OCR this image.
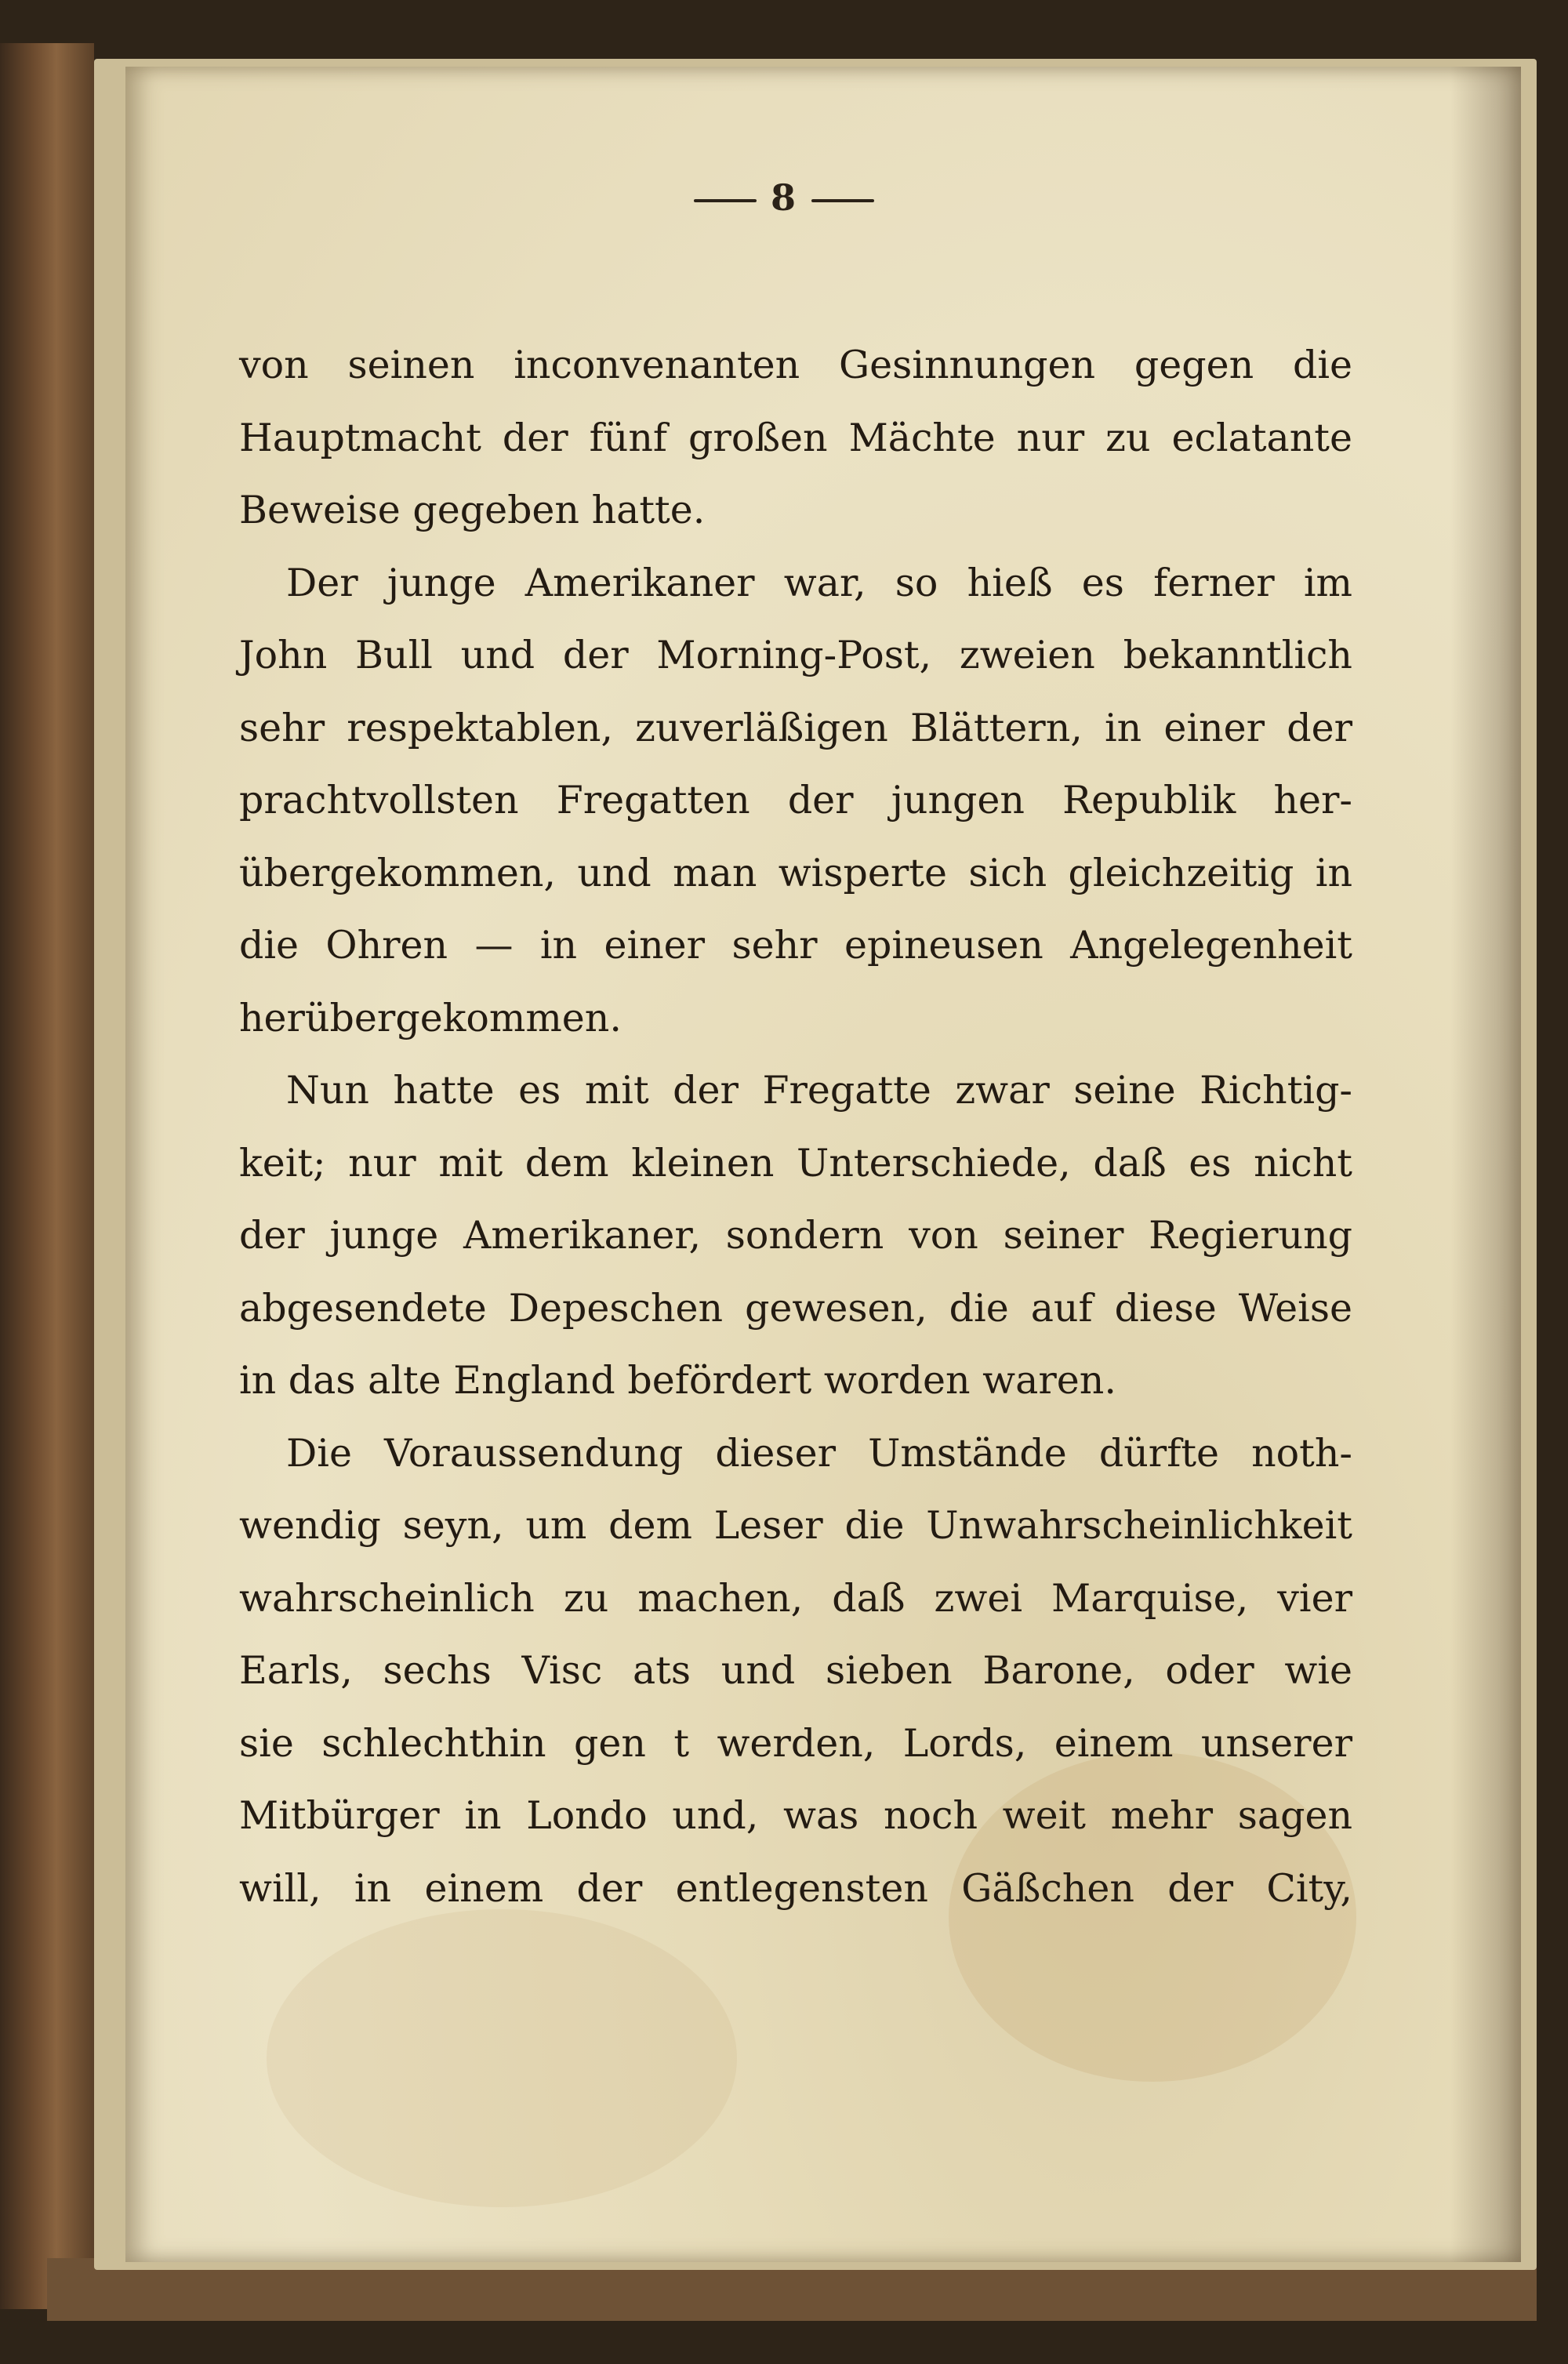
8
von seinen inconvenanten Gesinnungen gegen die
Hauptmacht der fünf großen Mächte nur zu eclatante
Beweise gegeben hatte.
Der junge Amerikaner war, so hieß es ferner im
John Bull und der Morning-Post, zweien bekanntlich
sehr respektablen, zuverläßigen Blättern, in einer der
prachtvollsten Fregatten der jungen Republik her-
übergekommen, und man wisperte sich gleichzeitig in
die Ohren — in einer sehr epineusen Angelegenheit
herübergekommen.
Nun hatte es mit der Fregatte zwar seine Richtig-
keit; nur mit dem kleinen Unterschiede, daß es nicht
der junge Amerikaner, sondern von seiner Regierung
abgesendete Depeschen gewesen, die auf diese Weise
in das alte England befördert worden waren.
Die Voraussendung dieser Umstände dürfte noth-
wendig seyn, um dem Leser die Unwahrscheinlichkeit
wahrscheinlich zu machen, daß zwei Marquise, vier
Earls, sechs Visc ats und sieben Barone, oder wie
sie schlechthin gen t werden, Lords, einem unserer
Mitbürger in Londo und, was noch weit mehr sagen
will, in einem der entlegensten Gäßchen der City,
